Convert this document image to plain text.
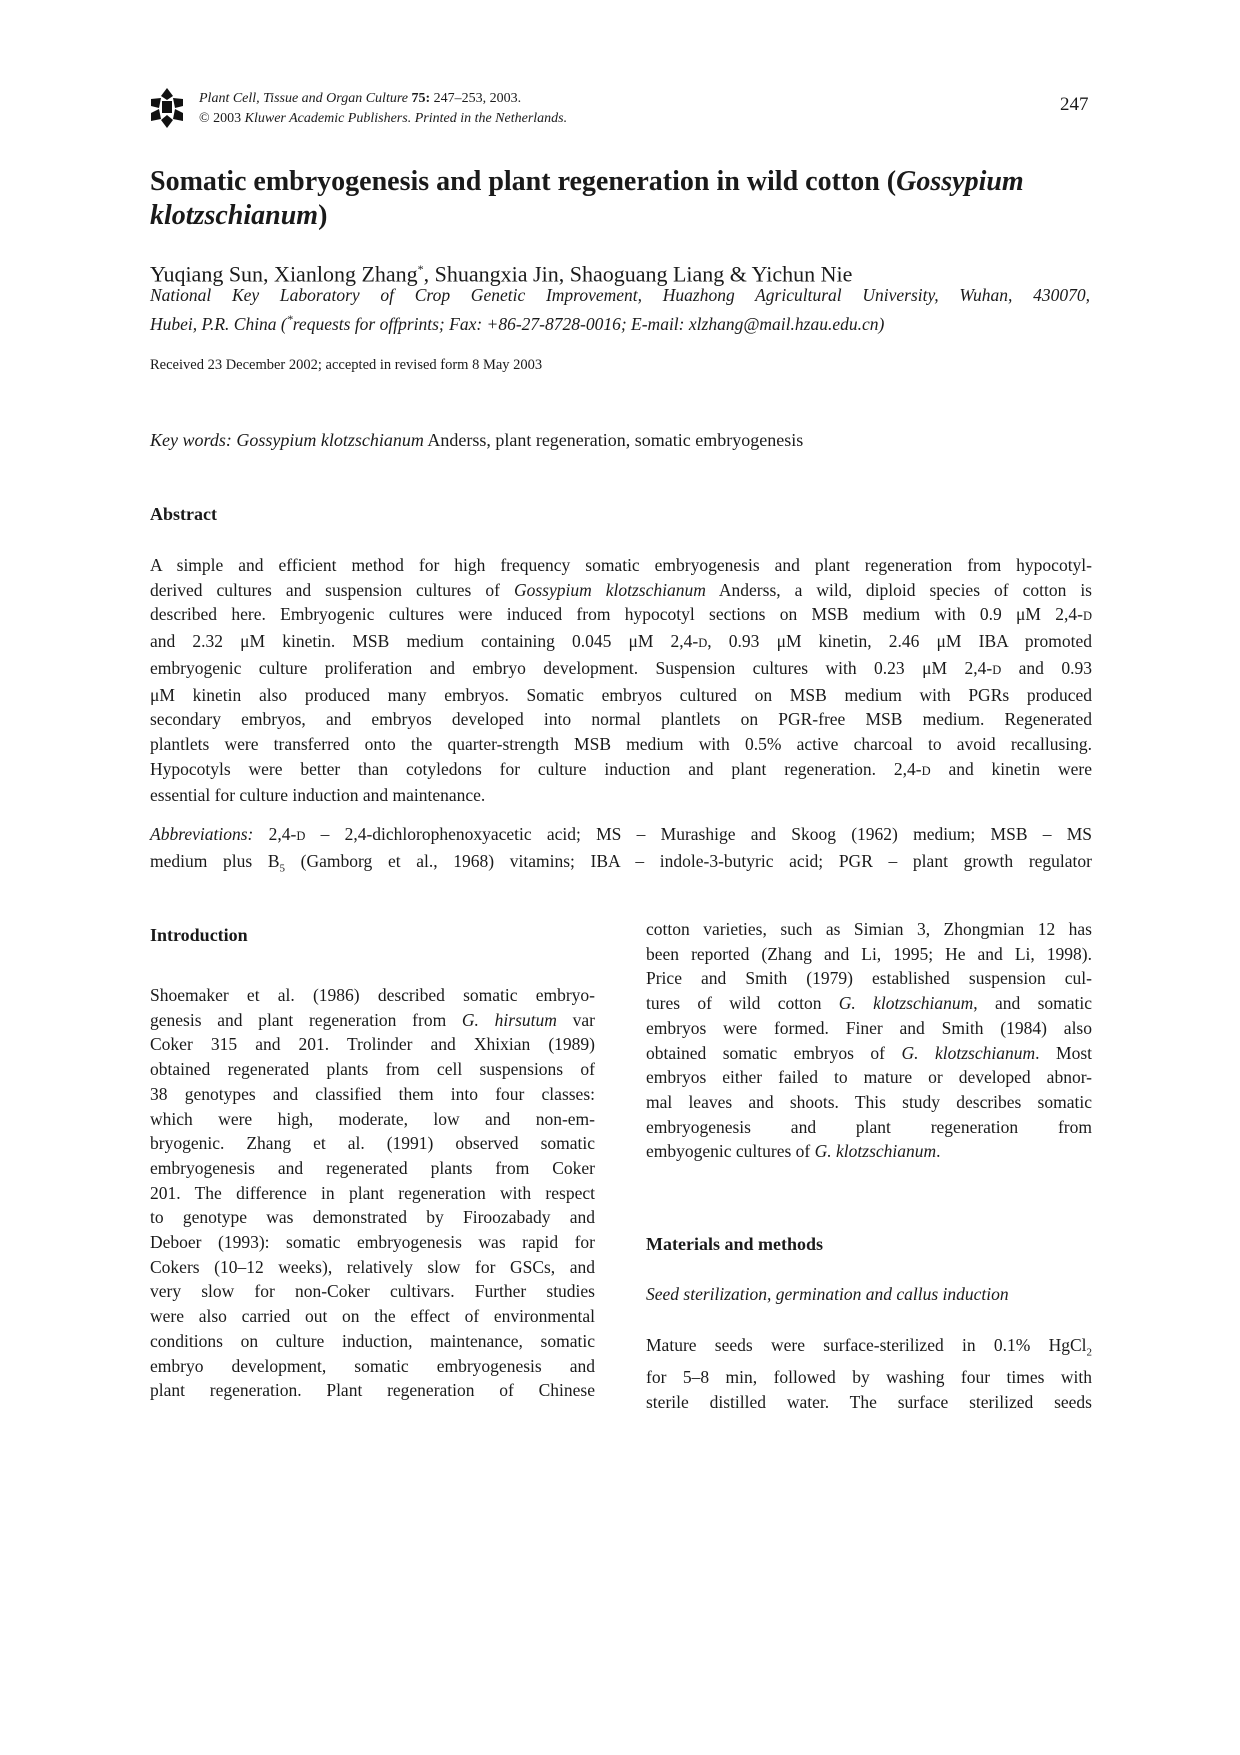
Plant Cell, Tissue and Organ Culture 75: 247–253, 2003.
© 2003 Kluwer Academic Publishers. Printed in the Netherlands.
247
Somatic embryogenesis and plant regeneration in wild cotton (Gossypium
klotzschianum)
Yuqiang Sun, Xianlong Zhang*, Shuangxia Jin, Shaoguang Liang & Yichun Nie
National Key Laboratory of Crop Genetic Improvement, Huazhong Agricultural University, Wuhan, 430070,
Hubei, P.R. China (*requests for offprints; Fax: +86-27-8728-0016; E-mail: xlzhang@mail.hzau.edu.cn)
Received 23 December 2002; accepted in revised form 8 May 2003
Key words: Gossypium klotzschianum Anderss, plant regeneration, somatic embryogenesis
Abstract
A simple and efficient method for high frequency somatic embryogenesis and plant regeneration from hypocotyl-
derived cultures and suspension cultures of Gossypium klotzschianum Anderss, a wild, diploid species of cotton is
described here. Embryogenic cultures were induced from hypocotyl sections on MSB medium with 0.9 μM 2,4-D
and 2.32 μM kinetin. MSB medium containing 0.045 μM 2,4-D, 0.93 μM kinetin, 2.46 μM IBA promoted
embryogenic culture proliferation and embryo development. Suspension cultures with 0.23 μM 2,4-D and 0.93
μM kinetin also produced many embryos. Somatic embryos cultured on MSB medium with PGRs produced
secondary embryos, and embryos developed into normal plantlets on PGR-free MSB medium. Regenerated
plantlets were transferred onto the quarter-strength MSB medium with 0.5% active charcoal to avoid recallusing.
Hypocotyls were better than cotyledons for culture induction and plant regeneration. 2,4-D and kinetin were
essential for culture induction and maintenance.
Abbreviations: 2,4-D – 2,4-dichlorophenoxyacetic acid; MS – Murashige and Skoog (1962) medium; MSB – MS
medium plus $B_5$ (Gamborg et al., 1968) vitamins; IBA – indole-3-butyric acid; PGR – plant growth regulator
Introduction
Shoemaker et al. (1986) described somatic embryo-
genesis and plant regeneration from G. hirsutum var
Coker 315 and 201. Trolinder and Xhixian (1989)
obtained regenerated plants from cell suspensions of
38 genotypes and classified them into four classes:
which were high, moderate, low and non-em-
bryogenic. Zhang et al. (1991) observed somatic
embryogenesis and regenerated plants from Coker
201. The difference in plant regeneration with respect
to genotype was demonstrated by Firoozabady and
Deboer (1993): somatic embryogenesis was rapid for
Cokers (10–12 weeks), relatively slow for GSCs, and
very slow for non-Coker cultivars. Further studies
were also carried out on the effect of environmental
conditions on culture induction, maintenance, somatic
embryo development, somatic embryogenesis and
plant regeneration. Plant regeneration of Chinese
cotton varieties, such as Simian 3, Zhongmian 12 has
been reported (Zhang and Li, 1995; He and Li, 1998).
Price and Smith (1979) established suspension cul-
tures of wild cotton G. klotzschianum, and somatic
embryos were formed. Finer and Smith (1984) also
obtained somatic embryos of G. klotzschianum. Most
embryos either failed to mature or developed abnor-
mal leaves and shoots. This study describes somatic
embryogenesis and plant regeneration from
embyogenic cultures of G. klotzschianum.
Materials and methods
Seed sterilization, germination and callus induction
Mature seeds were surface-sterilized in 0.1% HgCl$_2$
for 5–8 min, followed by washing four times with
sterile distilled water. The surface sterilized seeds
